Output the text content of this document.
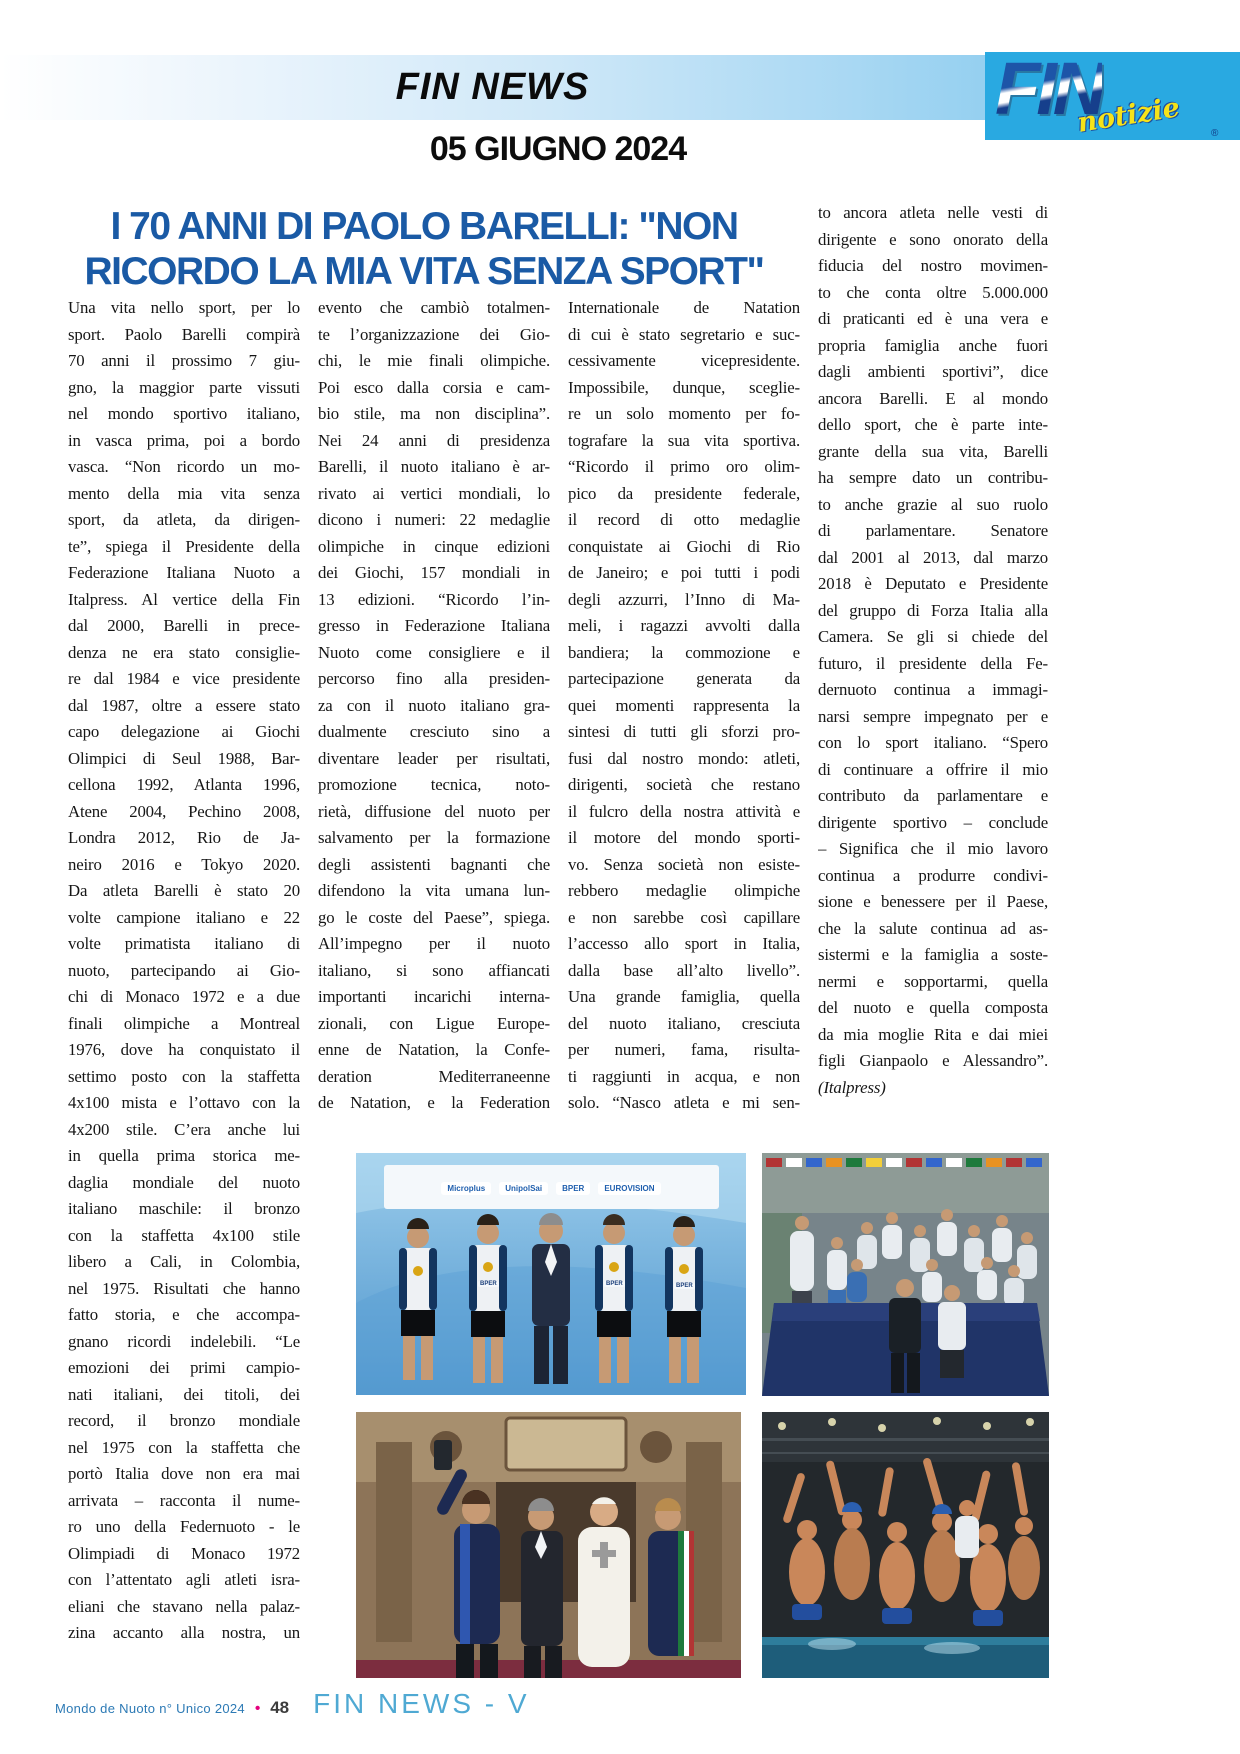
FIN NEWS	FIN
notizie	®
05 GIUGNO 2024
I 70 ANNI DI PAOLO BARELLI: "NON
RICORDO LA MIA VITA SENZA SPORT"
Una vita nello sport, per lo
sport. Paolo Barelli compirà
70 anni il prossimo 7 giu-
gno, la maggior parte vissuti
nel mondo sportivo italiano,
in vasca prima, poi a bordo
vasca. “Non ricordo un mo-
mento della mia vita senza
sport, da atleta, da dirigen-
te”, spiega il Presidente della
Federazione Italiana Nuoto a
Italpress. Al vertice della Fin
dal 2000, Barelli in prece-
denza ne era stato consiglie-
re dal 1984 e vice presidente
dal 1987, oltre a essere stato
capo delegazione ai Giochi
Olimpici di Seul 1988, Bar-
cellona 1992, Atlanta 1996,
Atene 2004, Pechino 2008,
Londra 2012, Rio de Ja-
neiro 2016 e Tokyo 2020.
Da atleta Barelli è stato 20
volte campione italiano e 22
volte primatista italiano di
nuoto, partecipando ai Gio-
chi di Monaco 1972 e a due
finali olimpiche a Montreal
1976, dove ha conquistato il
settimo posto con la staffetta
4x100 mista e l’ottavo con la
4x200 stile. C’era anche lui
in quella prima storica me-
daglia mondiale del nuoto
italiano maschile: il bronzo
con la staffetta 4x100 stile
libero a Cali, in Colombia,
nel 1975. Risultati che hanno
fatto storia, e che accompa-
gnano ricordi indelebili. “Le
emozioni dei primi campio-
nati italiani, dei titoli, dei
record, il bronzo mondiale
nel 1975 con la staffetta che
portò Italia dove non era mai
arrivata – racconta il nume-
ro uno della Federnuoto - le
Olimpiadi di Monaco 1972
con l’attentato agli atleti isra-
eliani che stavano nella palaz-
zina accanto alla nostra, un
evento che cambiò totalmen-
te l’organizzazione dei Gio-
chi, le mie finali olimpiche.
Poi esco dalla corsia e cam-
bio stile, ma non disciplina”.
Nei 24 anni di presidenza
Barelli, il nuoto italiano è ar-
rivato ai vertici mondiali, lo
dicono i numeri: 22 medaglie
olimpiche in cinque edizioni
dei Giochi, 157 mondiali in
13 edizioni. “Ricordo l’in-
gresso in Federazione Italiana
Nuoto come consigliere e il
percorso fino alla presiden-
za con il nuoto italiano gra-
dualmente cresciuto sino a
diventare leader per risultati,
promozione tecnica, noto-
rietà, diffusione del nuoto per
salvamento per la formazione
degli assistenti bagnanti che
difendono la vita umana lun-
go le coste del Paese”, spiega.
All’impegno per il nuoto
italiano, si sono affiancati
importanti incarichi interna-
zionali, con Ligue Europe-
enne de Natation, la Confe-
deration Mediterraneenne
de Natation, e la Federation
Internationale de Natation
di cui è stato segretario e suc-
cessivamente vicepresidente.
Impossibile, dunque, sceglie-
re un solo momento per fo-
tografare la sua vita sportiva.
“Ricordo il primo oro olim-
pico da presidente federale,
il record di otto medaglie
conquistate ai Giochi di Rio
de Janeiro; e poi tutti i podi
degli azzurri, l’Inno di Ma-
meli, i ragazzi avvolti dalla
bandiera; la commozione e
partecipazione generata da
quei momenti rappresenta la
sintesi di tutti gli sforzi pro-
fusi dal nostro mondo: atleti,
dirigenti, società che restano
il fulcro della nostra attività e
il motore del mondo sporti-
vo. Senza società non esiste-
rebbero medaglie olimpiche
e non sarebbe così capillare
l’accesso allo sport in Italia,
dalla base all’alto livello”.
Una grande famiglia, quella
del nuoto italiano, cresciuta
per numeri, fama, risulta-
ti raggiunti in acqua, e non
solo. “Nasco atleta e mi sen-
to ancora atleta nelle vesti di
dirigente e sono onorato della
fiducia del nostro movimen-
to che conta oltre 5.000.000
di praticanti ed è una vera e
propria famiglia anche fuori
dagli ambienti sportivi”, dice
ancora Barelli. E al mondo
dello sport, che è parte inte-
grante della sua vita, Barelli
ha sempre dato un contribu-
to anche grazie al suo ruolo
di parlamentare. Senatore
dal 2001 al 2013, dal marzo
2018 è Deputato e Presidente
del gruppo di Forza Italia alla
Camera. Se gli si chiede del
futuro, il presidente della Fe-
dernuoto continua a immagi-
narsi sempre impegnato per e
con lo sport italiano. “Spero
di continuare a offrire il mio
contributo da parlamentare e
dirigente sportivo – conclude
– Significa che il mio lavoro
continua a produrre condivi-
sione e benessere per il Paese,
che la salute continua ad as-
sistermi e la famiglia a soste-
nermi e sopportarmi, quella
del nuoto e quella composta
da mia moglie Rita e dai miei
figli Gianpaolo e Alessandro”.
(Italpress)
Microplus	UnipolSai	BPER	EUROVISION
BPER	BPER	BPER
Mondo de Nuoto n° Unico 2024 • 48 FIN NEWS - V
